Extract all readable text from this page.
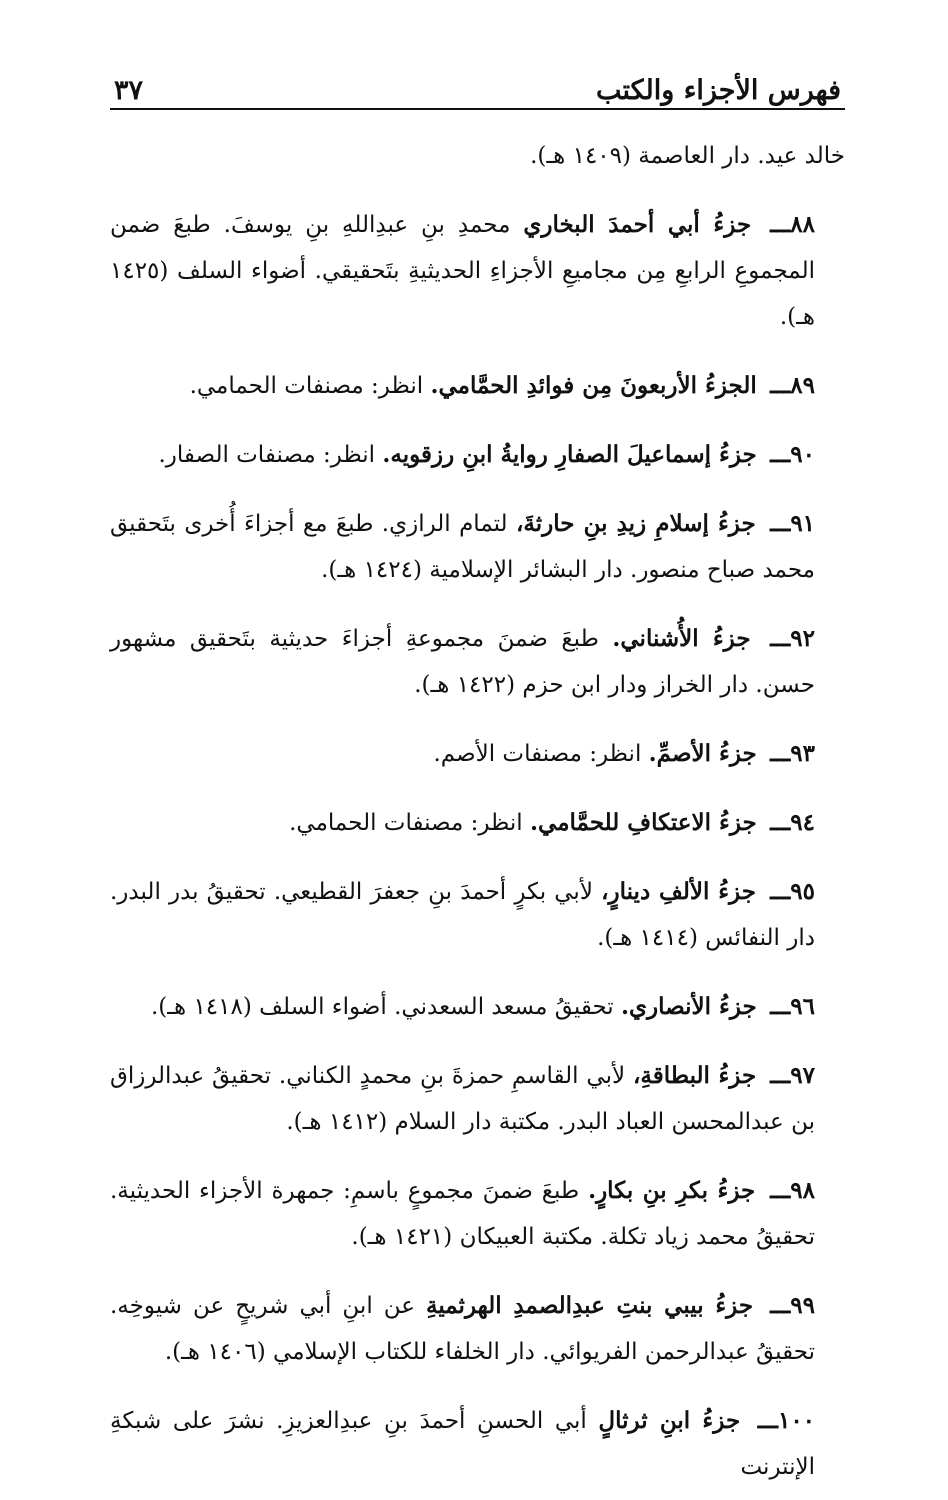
فهرس الأجزاء والكتب
٣٧

خالد عيد. دار العاصمة (١٤٠٩ هـ).

٨٨ـــ جزءُ أبي أحمدَ البخاري محمدِ بنِ عبدِاللهِ بنِ يوسفَ. طبعَ ضمن المجموعِ الرابعِ مِن مجاميعِ الأجزاءِ الحديثيةِ بتَحقيقي. أضواء السلف (١٤٢٥ هـ).

٨٩ـــ الجزءُ الأربعونَ مِن فوائدِ الحمَّامي. انظر: مصنفات الحمامي.

٩٠ـــ جزءُ إسماعيلَ الصفارِ روايةُ ابنِ رزقويه. انظر: مصنفات الصفار.

٩١ـــ جزءُ إسلامِ زيدِ بنِ حارثةَ، لتمام الرازي. طبعَ مع أجزاءَ أُخرى بتَحقيق محمد صباح منصور. دار البشائر الإسلامية (١٤٢٤ هـ).

٩٢ـــ جزءُ الأُشناني. طبعَ ضمنَ مجموعةِ أجزاءَ حديثية بتَحقيق مشهور حسن. دار الخراز ودار ابن حزم (١٤٢٢ هـ).

٩٣ـــ جزءُ الأصمِّ. انظر: مصنفات الأصم.

٩٤ـــ جزءُ الاعتكافِ للحمَّامي. انظر: مصنفات الحمامي.

٩٥ـــ جزءُ الألفِ دينارٍ، لأبي بكرٍ أحمدَ بنِ جعفرَ القطيعي. تحقيقُ بدر البدر. دار النفائس (١٤١٤ هـ).

٩٦ـــ جزءُ الأنصاري. تحقيقُ مسعد السعدني. أضواء السلف (١٤١٨ هـ).

٩٧ـــ جزءُ البطاقةِ، لأبي القاسمِ حمزةَ بنِ محمدٍ الكناني. تحقيقُ عبدالرزاق بن عبدالمحسن العباد البدر. مكتبة دار السلام (١٤١٢ هـ).

٩٨ـــ جزءُ بكرِ بنِ بكارٍ. طبعَ ضمنَ مجموعٍ باسمِ: جمهرة الأجزاء الحديثية. تحقيقُ محمد زياد تكلة. مكتبة العبيكان (١٤٢١ هـ).

٩٩ـــ جزءُ بيبي بنتِ عبدِالصمدِ الهرثميةِ عن ابنِ أبي شريحٍ عن شيوخِه. تحقيقُ عبدالرحمن الفريوائي. دار الخلفاء للكتاب الإسلامي (١٤٠٦ هـ).

١٠٠ـــ جزءُ ابنِ ثرثالٍ أبي الحسنِ أحمدَ بنِ عبدِالعزيزِ. نشرَ على شبكةِ الإنترنت
